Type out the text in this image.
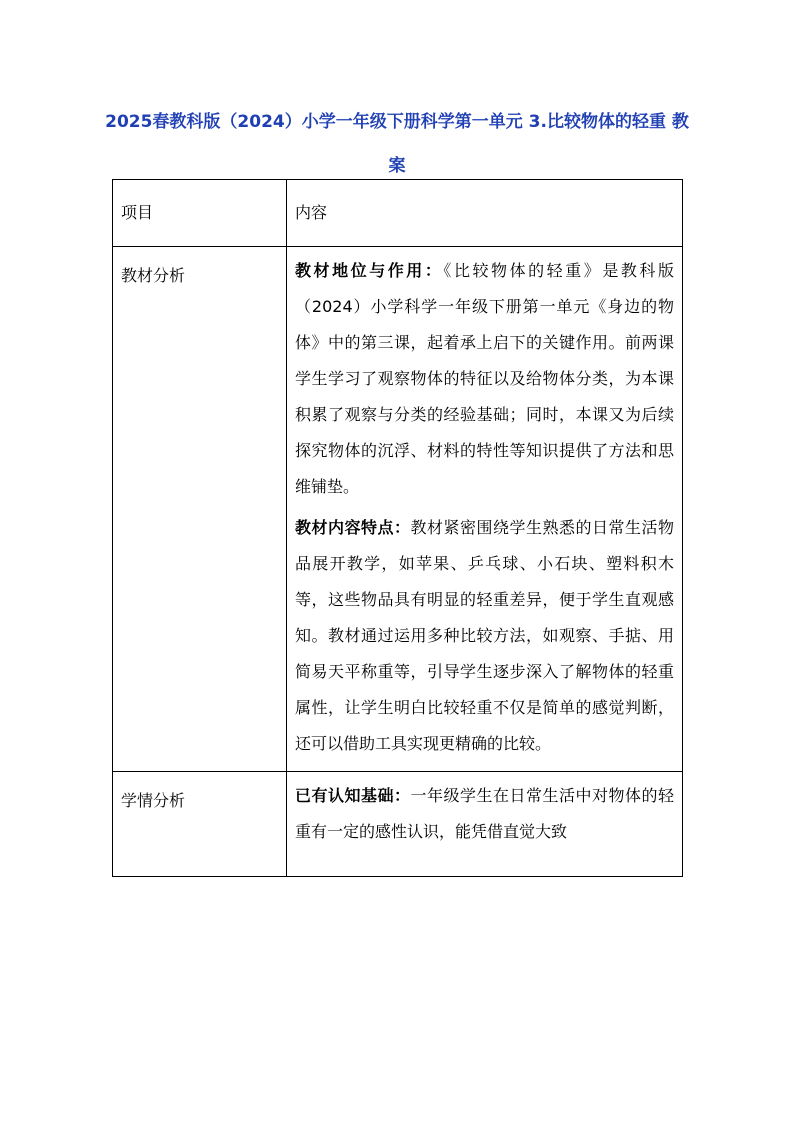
2025春教科版（2024）小学一年级下册科学第一单元 3.比较物体的轻重 教案
项目	内容
教材分析	教材地位与作用：《比较物体的轻重》是教科版（2024）小学科学一年级下册第一单元《身边的物体》中的第三课，起着承上启下的关键作用。前两课学生学习了观察物体的特征以及给物体分类，为本课积累了观察与分类的经验基础；同时，本课又为后续探究物体的沉浮、材料的特性等知识提供了方法和思维铺垫。

教材内容特点：教材紧密围绕学生熟悉的日常生活物品展开教学，如苹果、乒乓球、小石块、塑料积木等，这些物品具有明显的轻重差异，便于学生直观感知。教材通过运用多种比较方法，如观察、手掂、用简易天平称重等，引导学生逐步深入了解物体的轻重属性，让学生明白比较轻重不仅是简单的感觉判断，还可以借助工具实现更精确的比较。

学情分析	已有认知基础：一年级学生在日常生活中对物体的轻重有一定的感性认识，能凭借直觉大致
